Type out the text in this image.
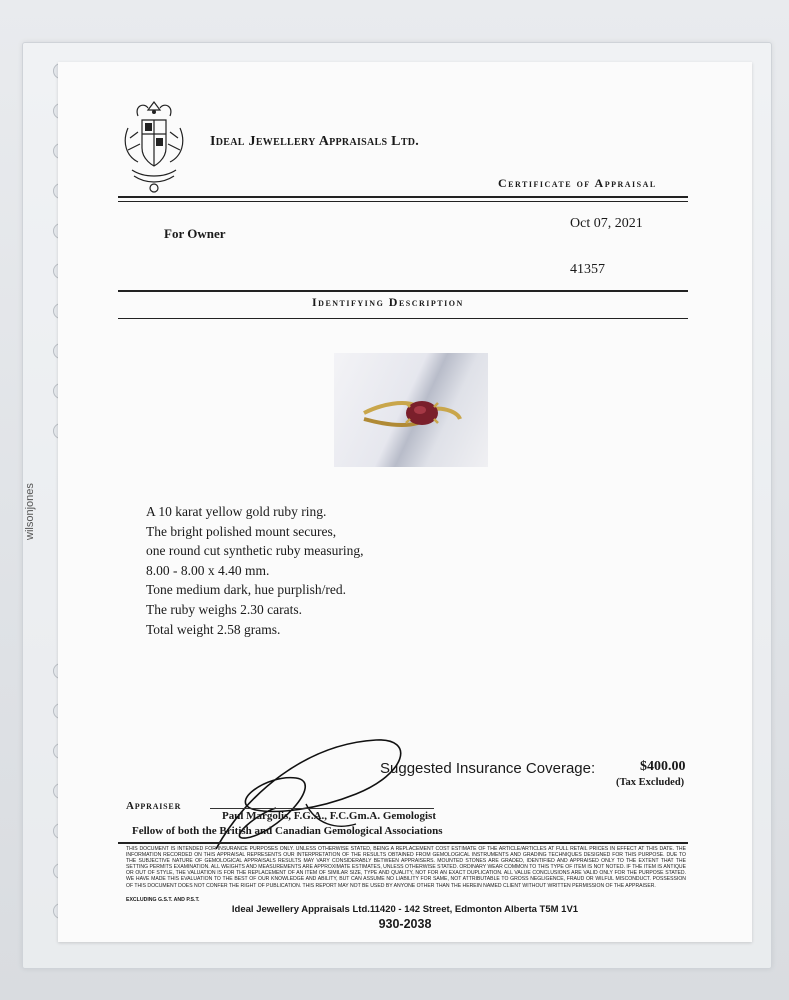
wilsonjones
Ideal Jewellery Appraisals Ltd.
Certificate of Appraisal
For Owner
Oct 07, 2021
41357
Identifying Description
A 10 karat yellow gold ruby ring.
The bright polished mount secures,
one round cut synthetic ruby measuring,
8.00 - 8.00 x 4.40 mm.
Tone medium dark, hue purplish/red.
The ruby weighs 2.30 carats.
Total weight 2.58 grams.
Suggested Insurance Coverage:	$400.00
(Tax Excluded)
Appraiser
Paul Margolis, F.G.A., F.C.Gm.A. Gemologist
Fellow of both the British and Canadian Gemological Associations
THIS DOCUMENT IS INTENDED FOR INSURANCE PURPOSES ONLY. UNLESS OTHERWISE STATED, BEING A REPLACEMENT COST ESTIMATE OF THE ARTICLE/ARTICLES AT FULL RETAIL PRICES IN EFFECT AT THIS DATE. THE INFORMATION RECORDED ON THIS APPRAISAL REPRESENTS OUR INTERPRETATION OF THE RESULTS OBTAINED FROM GEMOLOGICAL INSTRUMENTS AND GRADING TECHNIQUES DESIGNED FOR THIS PURPOSE. DUE TO THE SUBJECTIVE NATURE OF GEMOLOGICAL APPRAISALS RESULTS MAY VARY CONSIDERABLY BETWEEN APPRAISERS. MOUNTED STONES ARE GRADED, IDENTIFIED AND APPRAISED ONLY TO THE EXTENT THAT THE SETTING PERMITS EXAMINATION. ALL WEIGHTS AND MEASUREMENTS ARE APPROXIMATE ESTIMATES, UNLESS OTHERWISE STATED. ORDINARY WEAR COMMON TO THIS TYPE OF ITEM IS NOT NOTED. IF THE ITEM IS ANTIQUE OR OUT OF STYLE, THE VALUATION IS FOR THE REPLACEMENT OF AN ITEM OF SIMILAR SIZE, TYPE AND QUALITY, NOT FOR AN EXACT DUPLICATION. ALL VALUE CONCLUSIONS ARE VALID ONLY FOR THE PURPOSE STATED. WE HAVE MADE THIS EVALUATION TO THE BEST OF OUR KNOWLEDGE AND ABILITY, BUT CAN ASSUME NO LIABILITY FOR SAME, NOT ATTRIBUTABLE TO GROSS NEGLIGENCE, FRAUD OR WILFUL MISCONDUCT. POSSESSION OF THIS DOCUMENT DOES NOT CONFER THE RIGHT OF PUBLICATION. THIS REPORT MAY NOT BE USED BY ANYONE OTHER THAN THE HEREIN NAMED CLIENT WITHOUT WRITTEN PERMISSION OF THE APPRAISER.
EXCLUDING G.S.T. AND P.S.T.
Ideal Jewellery Appraisals Ltd.11420 - 142 Street, Edmonton Alberta T5M 1V1
930-2038
